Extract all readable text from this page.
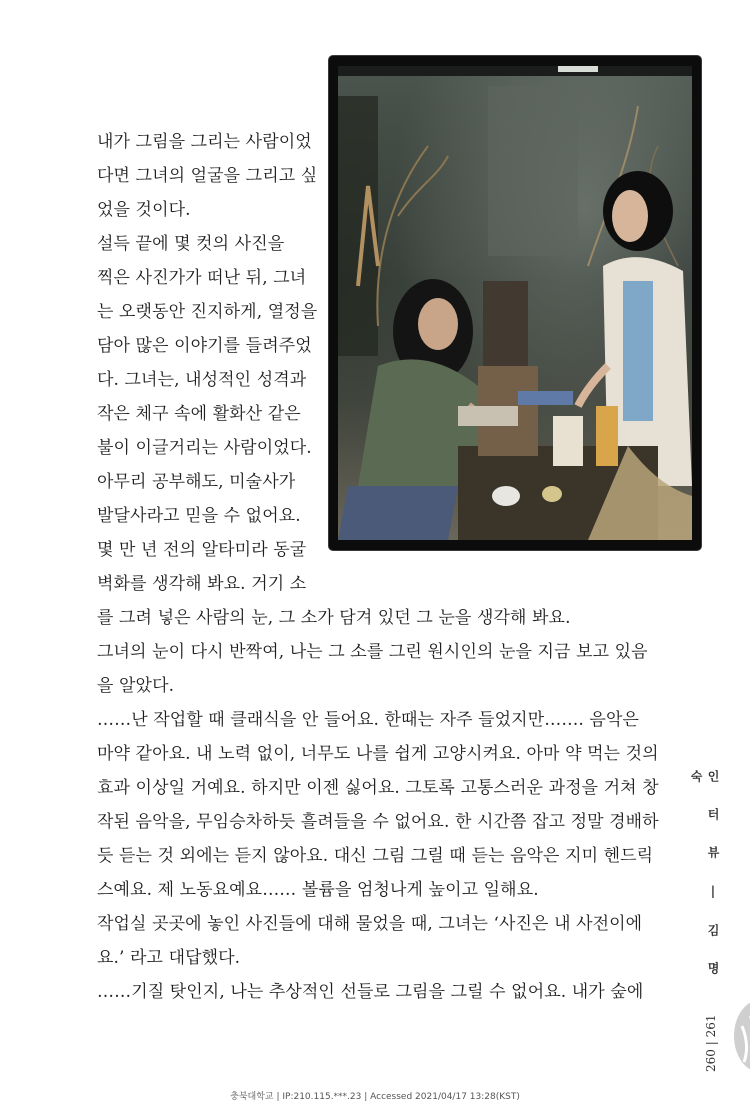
내가 그림을 그리는 사람이었
다면 그녀의 얼굴을 그리고 싶
었을 것이다.
설득 끝에 몇 컷의 사진을
찍은 사진가가 떠난 뒤, 그녀
는 오랫동안 진지하게, 열정을
담아 많은 이야기를 들려주었
다. 그녀는, 내성적인 성격과
작은 체구 속에 활화산 같은
불이 이글거리는 사람이었다.
아무리 공부해도, 미술사가
발달사라고 믿을 수 없어요.
몇 만 년 전의 알타미라 동굴
벽화를 생각해 봐요. 거기 소
를 그려 넣은 사람의 눈, 그 소가 담겨 있던 그 눈을 생각해 봐요.
그녀의 눈이 다시 반짝여, 나는 그 소를 그린 원시인의 눈을 지금 보고 있음
을 알았다.
……난 작업할 때 클래식을 안 들어요. 한때는 자주 들었지만……. 음악은
마약 같아요. 내 노력 없이, 너무도 나를 쉽게 고양시켜요. 아마 약 먹는 것의
효과 이상일 거예요. 하지만 이젠 싫어요. 그토록 고통스러운 과정을 거쳐 창
작된 음악을, 무임승차하듯 흘려들을 수 없어요. 한 시간쯤 잡고 정말 경배하
듯 듣는 것 외에는 듣지 않아요. 대신 그림 그릴 때 듣는 음악은 지미 헨드릭
스예요. 제 노동요예요…… 볼륨을 엄청나게 높이고 일해요.
작업실 곳곳에 놓인 사진들에 대해 물었을 때, 그녀는 ‘사진은 내 사전이에
요.’ 라고 대답했다.
……기질 탓인지, 나는 추상적인 선들로 그림을 그릴 수 없어요. 내가 숲에
인 터 뷰 | 김 명 숙
260 | 261
충북대학교 | IP:210.115.***.23 | Accessed 2021/04/17 13:28(KST)
